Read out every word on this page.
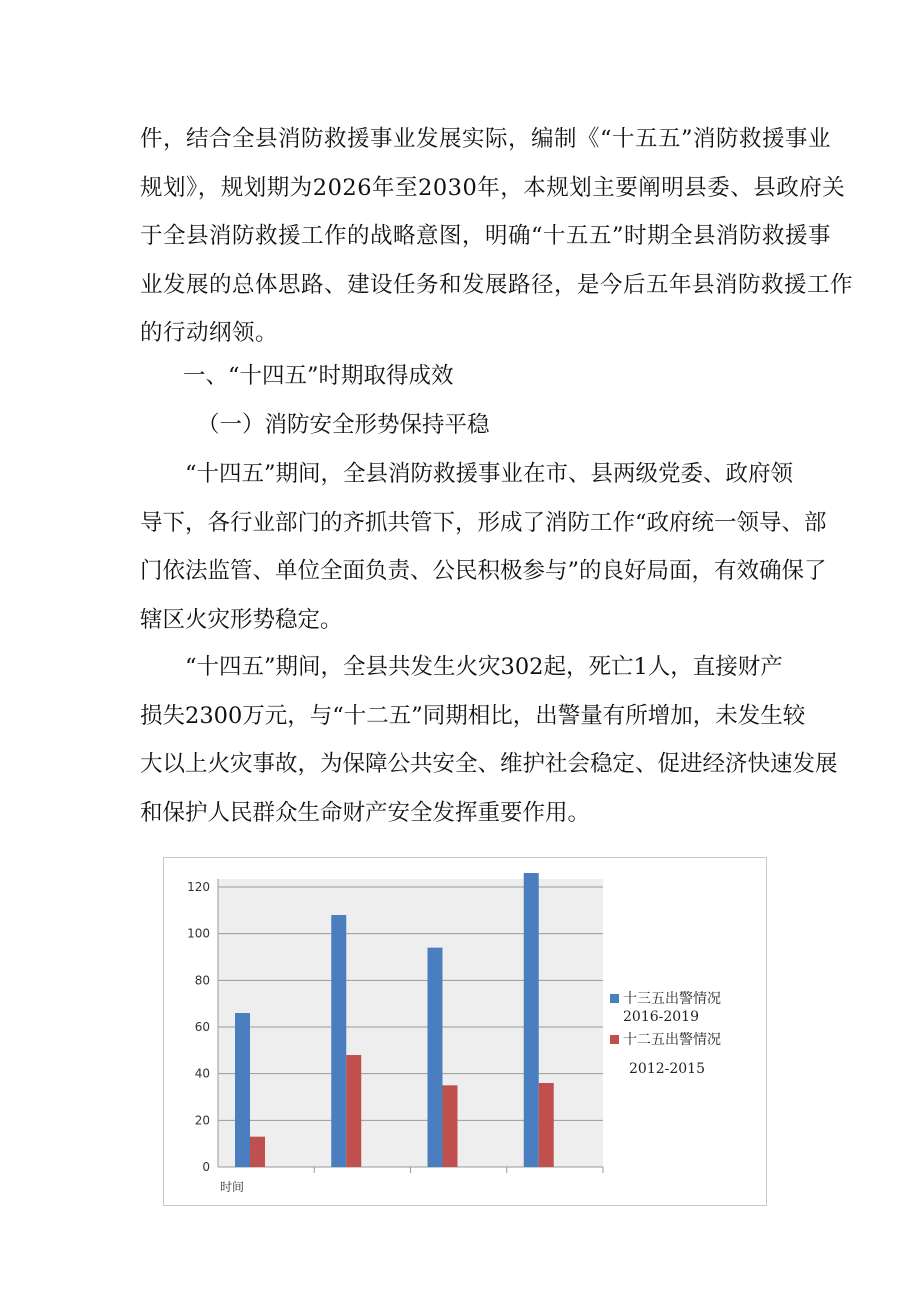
件，结合全县消防救援事业发展实际，编制《“十五五”消防救援事业
规划》，规划期为2026年至2030年，本规划主要阐明县委、县政府关
于全县消防救援工作的战略意图，明确“十五五”时期全县消防救援事
业发展的总体思路、建设任务和发展路径，是今后五年县消防救援工作
的行动纲领。
一、“十四五”时期取得成效
（一）消防安全形势保持平稳
“十四五”期间，全县消防救援事业在市、县两级党委、政府领
导下，各行业部门的齐抓共管下，形成了消防工作“政府统一领导、部
门依法监管、单位全面负责、公民积极参与”的良好局面，有效确保了
辖区火灾形势稳定。
“十四五”期间，全县共发生火灾302起，死亡1人，直接财产
损失2300万元，与“十二五”同期相比，出警量有所增加，未发生较
大以上火灾事故，为保障公共安全、维护社会稳定、促进经济快速发展
和保护人民群众生命财产安全发挥重要作用。
0
20
40
60
80
100
120
时间
十三五出警情况
2016-2019
十二五出警情况
2012-2015
